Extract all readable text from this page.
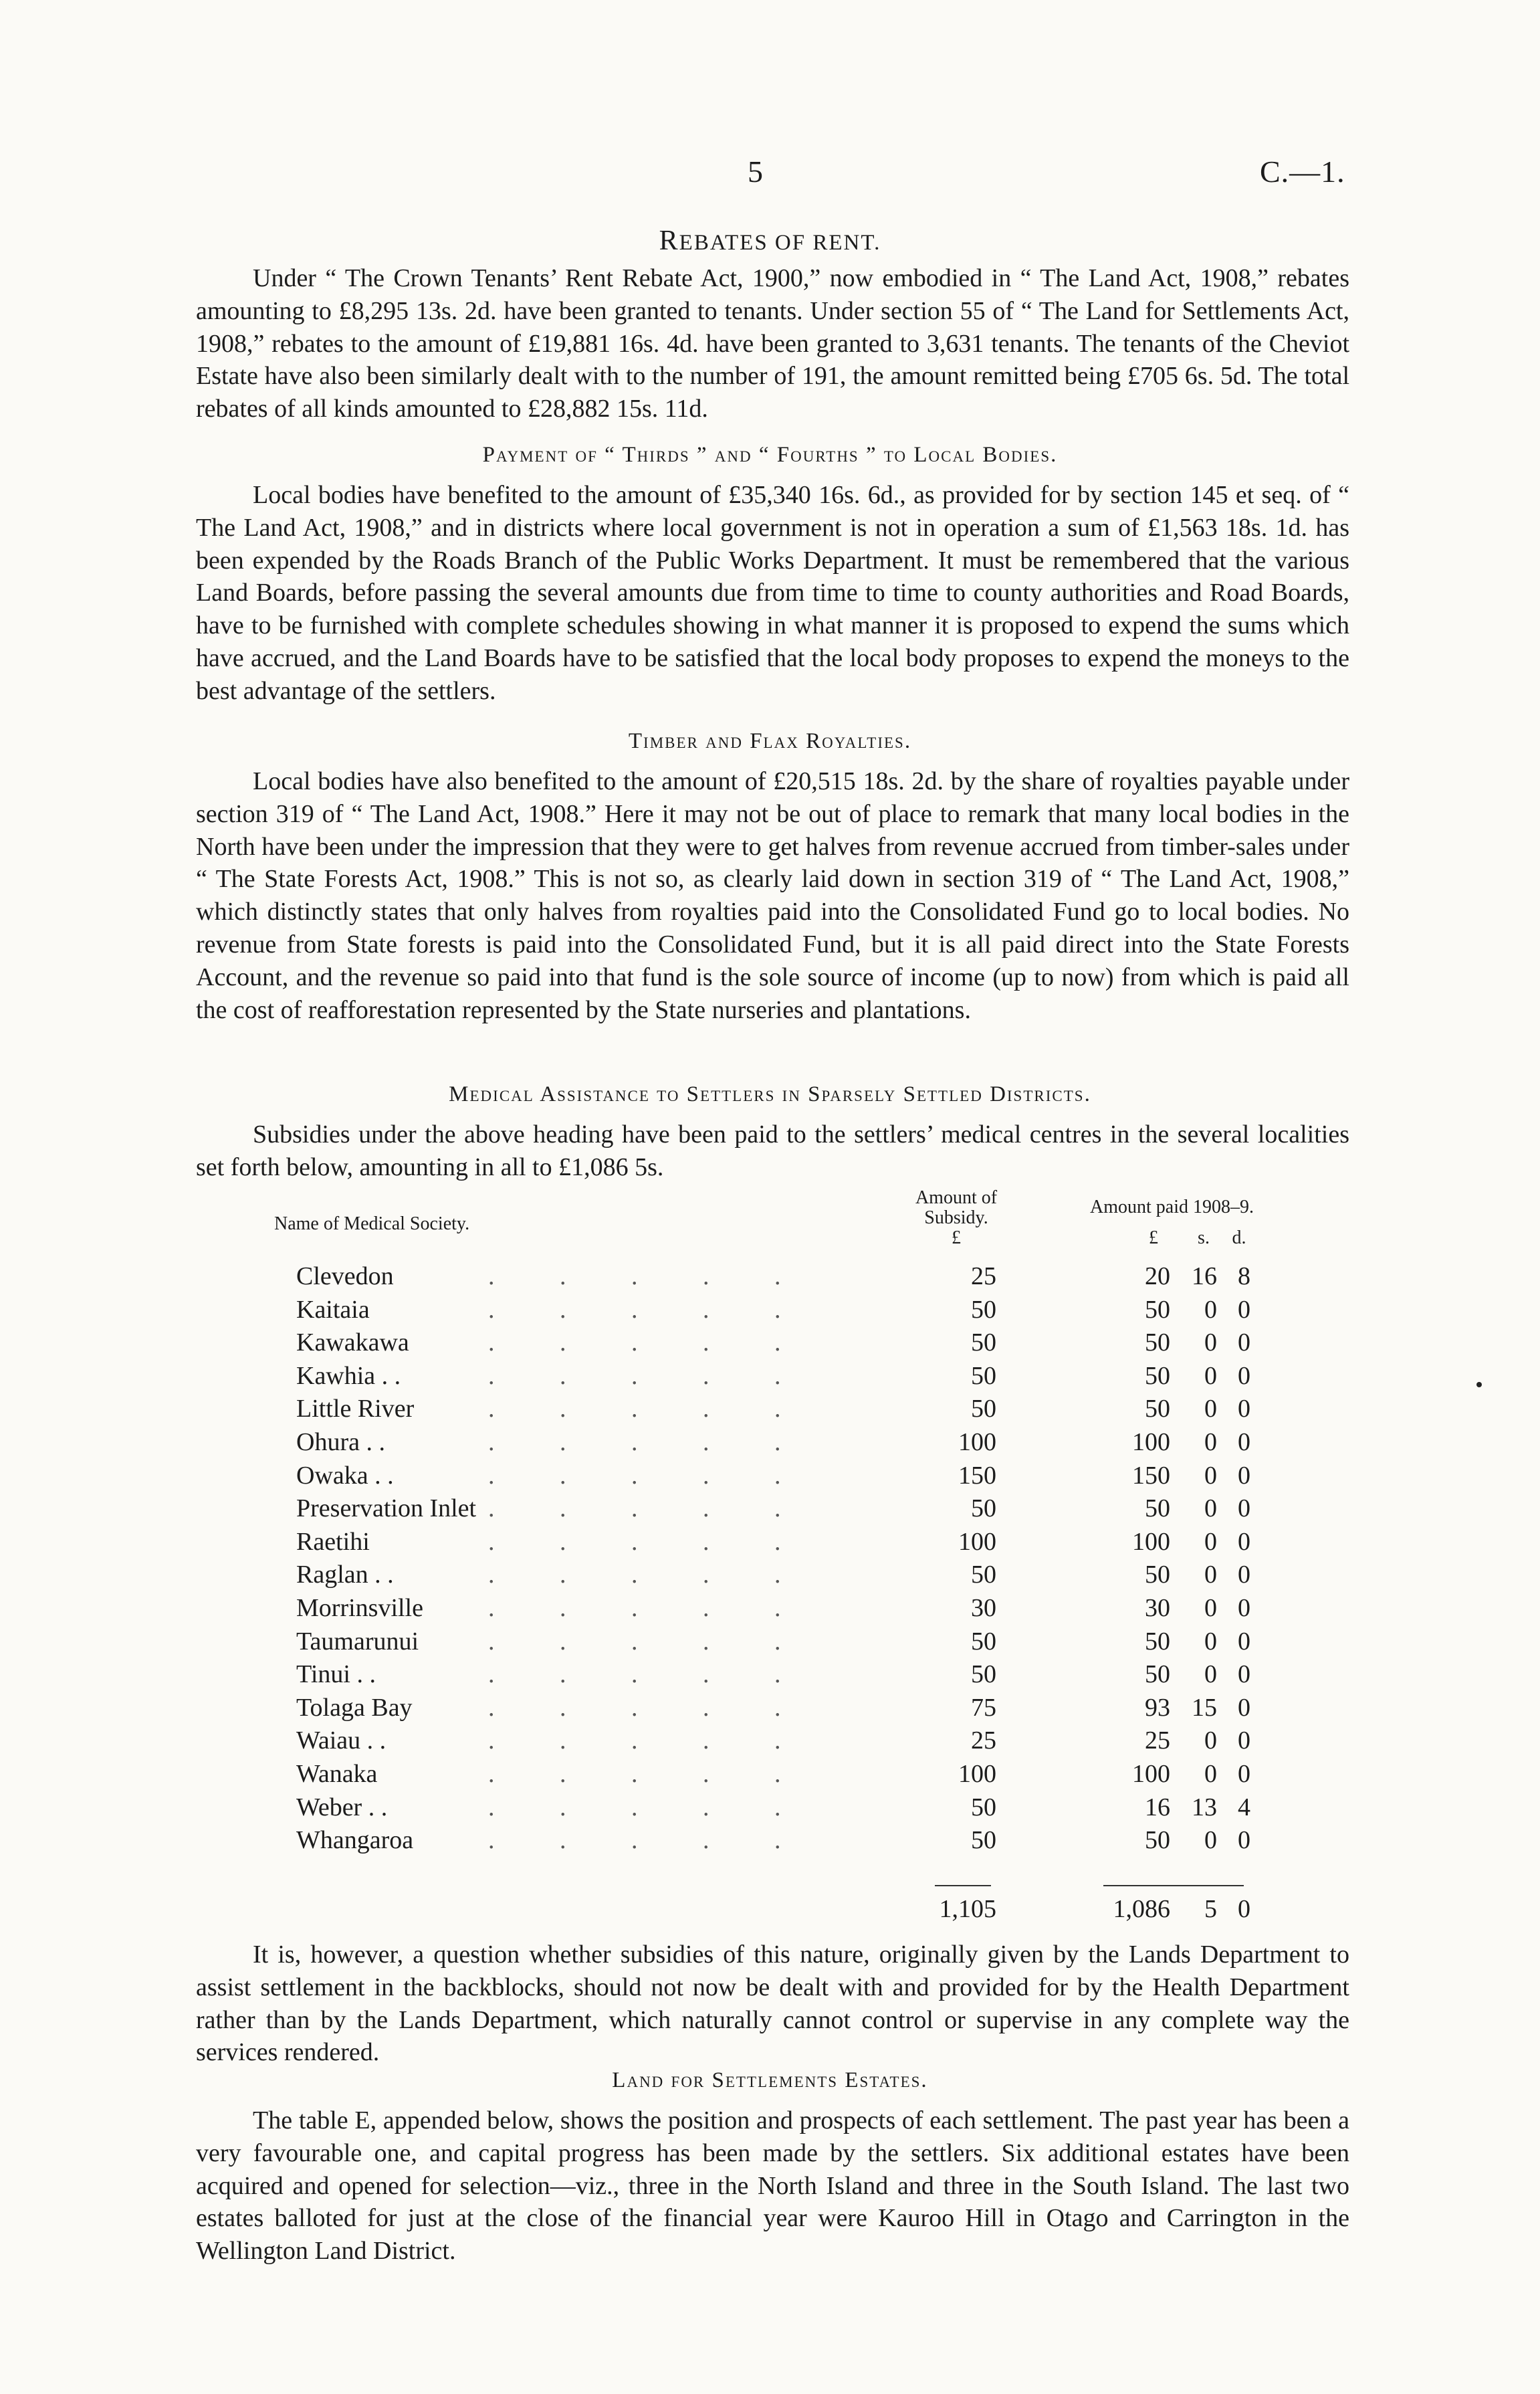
5	C.—1.
REBATES OF RENT.

Under “ The Crown Tenants’ Rent Rebate Act, 1900,” now embodied in “ The Land Act, 1908,” rebates amounting to £8,295 13s. 2d. have been granted to tenants. Under section 55 of “ The Land for Settlements Act, 1908,” rebates to the amount of £19,881 16s. 4d. have been granted to 3,631 tenants. The tenants of the Cheviot Estate have also been similarly dealt with to the number of 191, the amount remitted being £705 6s. 5d. The total rebates of all kinds amounted to £28,882 15s. 11d.

Payment of “ Thirds ” and “ Fourths ” to Local Bodies.

Local bodies have benefited to the amount of £35,340 16s. 6d., as provided for by section 145 et seq. of “ The Land Act, 1908,” and in districts where local government is not in operation a sum of £1,563 18s. 1d. has been expended by the Roads Branch of the Public Works Department. It must be remembered that the various Land Boards, before passing the several amounts due from time to time to county authorities and Road Boards, have to be furnished with complete schedules showing in what manner it is proposed to expend the sums which have accrued, and the Land Boards have to be satisfied that the local body proposes to expend the moneys to the best advantage of the settlers.

Timber and Flax Royalties.

Local bodies have also benefited to the amount of £20,515 18s. 2d. by the share of royalties payable under section 319 of “ The Land Act, 1908.” Here it may not be out of place to remark that many local bodies in the North have been under the impression that they were to get halves from revenue accrued from timber-sales under “ The State Forests Act, 1908.” This is not so, as clearly laid down in section 319 of “ The Land Act, 1908,” which distinctly states that only halves from royalties paid into the Consolidated Fund go to local bodies. No revenue from State forests is paid into the Consolidated Fund, but it is all paid direct into the State Forests Account, and the revenue so paid into that fund is the sole source of income (up to now) from which is paid all the cost of reafforestation represented by the State nurseries and plantations.

Medical Assistance to Settlers in Sparsely Settled Districts.

Subsidies under the above heading have been paid to the settlers’ medical centres in the several localities set forth below, amounting in all to £1,086 5s.

Name of Medical Society.
Amount of
Subsidy.
£
Amount paid 1908–9.
£	s.	d.
Clevedon	. . . . .	25	20 16 8
Kaitaia	. . . . .	50	50	0 0
Kawakawa	. . . . .	50	50	0 0
Kawhia . .	. . . . .	50	50	0 0
Little River	. . . . .	50	50	0 0
Ohura . .	. . . . .	100	100	0 0
Owaka . .	. . . . .	150	150	0 0
Preservation Inlet . . . . .	50	50	0 0
Raetihi	. . . . .	100	100	0 0
Raglan . .	. . . . .	50	50	0 0
Morrinsville	. . . . .	30	30	0 0
Taumarunui	. . . . .	50	50	0 0
Tinui . .	. . . . .	50	50	0 0
Tolaga Bay	. . . . .	75	93 15 0
Waiau . .	. . . . .	25	25	0 0
Wanaka	. . . . .	100	100	0 0
Weber . .	. . . . .	50	16 13 4
Whangaroa	. . . . .	50	50	0 0
1,105	1,086	5 0

It is, however, a question whether subsidies of this nature, originally given by the Lands Department to assist settlement in the backblocks, should not now be dealt with and provided for by the Health Department rather than by the Lands Department, which naturally cannot control or supervise in any complete way the services rendered.

Land for Settlements Estates.

The table E, appended below, shows the position and prospects of each settlement. The past year has been a very favourable one, and capital progress has been made by the settlers. Six additional estates have been acquired and opened for selection—viz., three in the North Island and three in the South Island. The last two estates balloted for just at the close of the financial year were Kauroo Hill in Otago and Carrington in the Wellington Land District.
